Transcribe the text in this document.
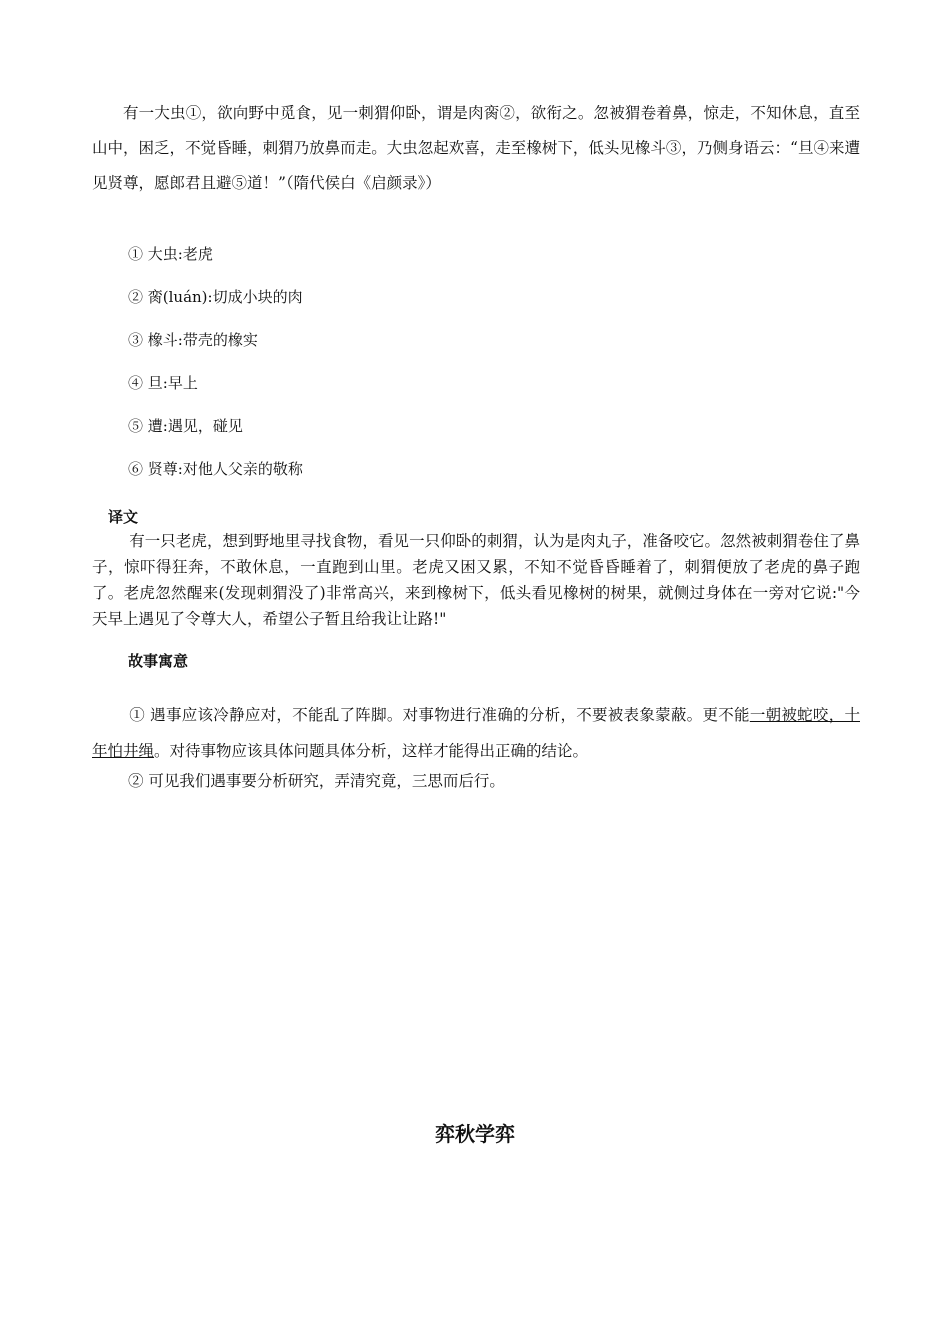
有一大虫①，欲向野中觅食，见一刺猬仰卧，谓是肉脔②，欲衔之。忽被猬卷着鼻，惊走，不知休息，直至山中，困乏，不觉昏睡，刺猬乃放鼻而走。大虫忽起欢喜，走至橡树下，低头见橡斗③，乃侧身语云：“旦④来遭见贤尊，愿郎君且避⑤道！”（隋代侯白《启颜录》）

① 大虫:老虎
② 脔(luán):切成小块的肉
③ 橡斗:带壳的橡实
④ 旦:早上
⑤ 遭:遇见，碰见
⑥ 贤尊:对他人父亲的敬称
译文

有一只老虎，想到野地里寻找食物，看见一只仰卧的刺猬，认为是肉丸子，准备咬它。忽然被刺猬卷住了鼻子，惊吓得狂奔，不敢休息，一直跑到山里。老虎又困又累，不知不觉昏昏睡着了，刺猬便放了老虎的鼻子跑了。老虎忽然醒来(发现刺猬没了)非常高兴，来到橡树下，低头看见橡树的树果，就侧过身体在一旁对它说:"今天早上遇见了令尊大人，希望公子暂且给我让让路!"

故事寓意

① 遇事应该冷静应对，不能乱了阵脚。对事物进行准确的分析，不要被表象蒙蔽。更不能一朝被蛇咬，十年怕井绳。对待事物应该具体问题具体分析，这样才能得出正确的结论。

② 可见我们遇事要分析研究，弄清究竟，三思而后行。

弈秋学弈
